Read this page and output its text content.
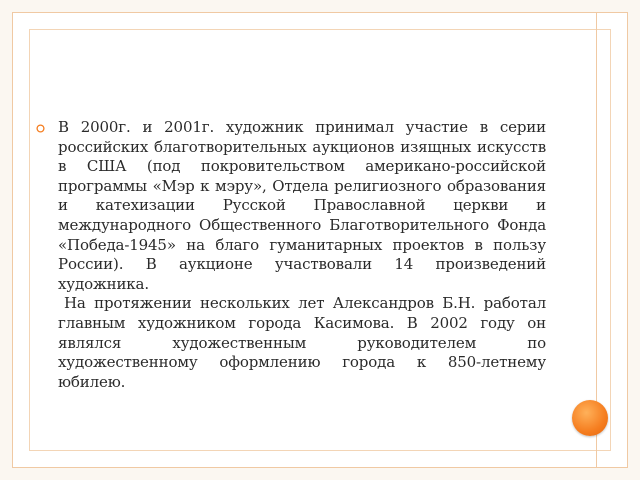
В 2000г. и 2001г. художник принимал участие в серии российских благотворительных аукционов изящных искусств в США (под покровительством американо-российской программы «Мэр к мэру», Отдела религиозного образования и катехизации Русской Православной церкви и международного Общественного Благотворительного Фонда «Победа-1945» на благо гуманитарных проектов в пользу России). В аукционе участвовали 14 произведений художника.

На протяжении нескольких лет Александров Б.Н. работал главным художником города Касимова. В 2002 году он являлся художественным руководителем по художественному оформлению города к 850-летнему юбилею.
